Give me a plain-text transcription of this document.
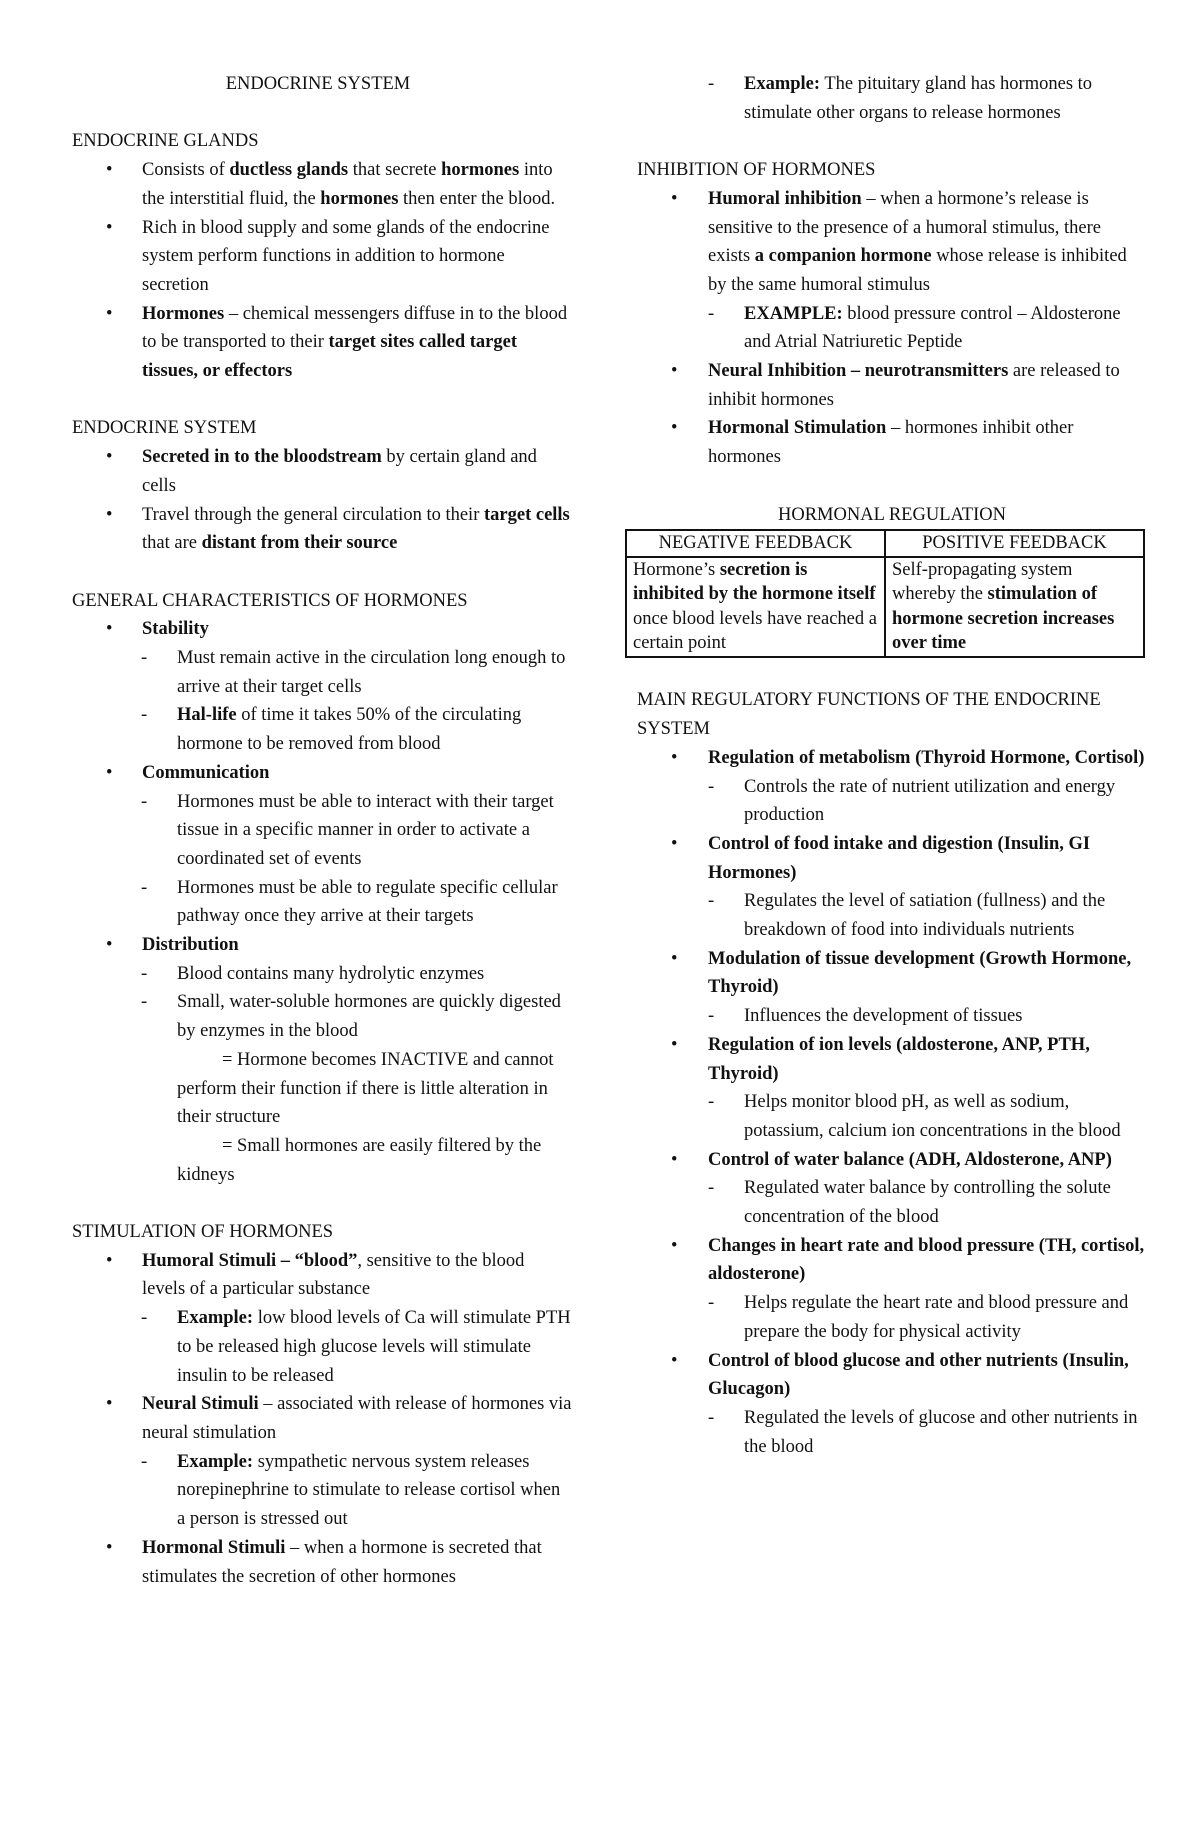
ENDOCRINE SYSTEM

ENDOCRINE GLANDS

• Consists of ductless glands that secrete hormones into the interstitial fluid, the hormones then enter the blood.
• Rich in blood supply and some glands of the endocrine system perform functions in addition to hormone secretion
• Hormones – chemical messengers diffuse in to the blood to be transported to their target sites called target tissues, or effectors

ENDOCRINE SYSTEM

• Secreted in to the bloodstream by certain gland and cells
• Travel through the general circulation to their target cells that are distant from their source

GENERAL CHARACTERISTICS OF HORMONES

• Stability
- Must remain active in the circulation long enough to arrive at their target cells
- Hal-life of time it takes 50% of the circulating hormone to be removed from blood
• Communication
- Hormones must be able to interact with their target tissue in a specific manner in order to activate a coordinated set of events
- Hormones must be able to regulate specific cellular pathway once they arrive at their targets
• Distribution
- Blood contains many hydrolytic enzymes
- Small, water-soluble hormones are quickly digested by enzymes in the blood
= Hormone becomes INACTIVE and cannot perform their function if there is little alteration in their structure
= Small hormones are easily filtered by the kidneys

STIMULATION OF HORMONES

• Humoral Stimuli – “blood”, sensitive to the blood levels of a particular substance
- Example: low blood levels of Ca will stimulate PTH to be released high glucose levels will stimulate insulin to be released
• Neural Stimuli – associated with release of hormones via neural stimulation
- Example: sympathetic nervous system releases norepinephrine to stimulate to release cortisol when a person is stressed out
• Hormonal Stimuli – when a hormone is secreted that stimulates the secretion of other hormones
- Example: The pituitary gland has hormones to stimulate other organs to release hormones

INHIBITION OF HORMONES

• Humoral inhibition – when a hormone’s release is sensitive to the presence of a humoral stimulus, there exists a companion hormone whose release is inhibited by the same humoral stimulus
- EXAMPLE: blood pressure control – Aldosterone and Atrial Natriuretic Peptide
• Neural Inhibition – neurotransmitters are released to inhibit hormones
• Hormonal Stimulation – hormones inhibit other hormones

HORMONAL REGULATION

NEGATIVE FEEDBACK	POSITIVE FEEDBACK
Hormone’s secretion is inhibited by the hormone itself once blood levels have reached a certain point	Self-propagating system whereby the stimulation of hormone secretion increases over time

MAIN REGULATORY FUNCTIONS OF THE ENDOCRINE SYSTEM

• Regulation of metabolism (Thyroid Hormone, Cortisol)
- Controls the rate of nutrient utilization and energy production
• Control of food intake and digestion (Insulin, GI Hormones)
- Regulates the level of satiation (fullness) and the breakdown of food into individuals nutrients
• Modulation of tissue development (Growth Hormone, Thyroid)
- Influences the development of tissues
• Regulation of ion levels (aldosterone, ANP, PTH, Thyroid)
- Helps monitor blood pH, as well as sodium, potassium, calcium ion concentrations in the blood
• Control of water balance (ADH, Aldosterone, ANP)
- Regulated water balance by controlling the solute concentration of the blood
• Changes in heart rate and blood pressure (TH, cortisol, aldosterone)
- Helps regulate the heart rate and blood pressure and prepare the body for physical activity
• Control of blood glucose and other nutrients (Insulin, Glucagon)
- Regulated the levels of glucose and other nutrients in the blood
